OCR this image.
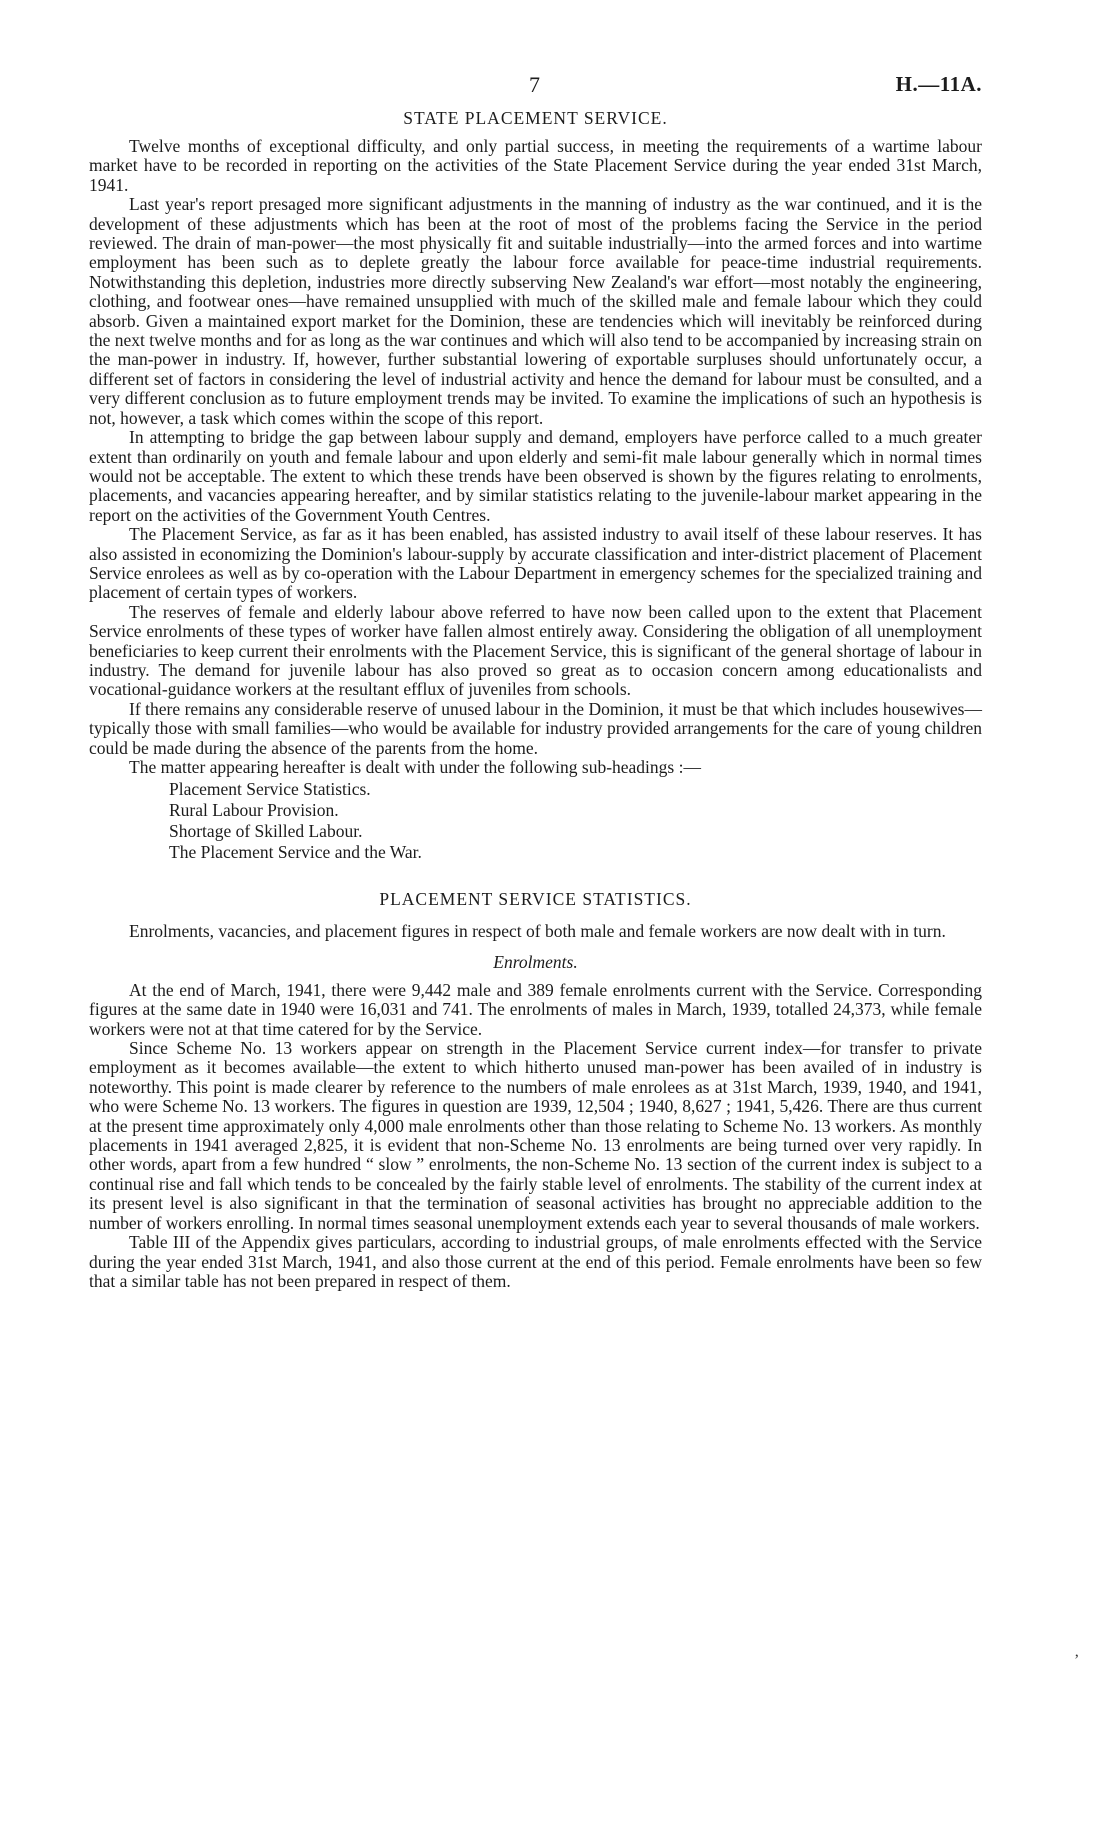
7	H.—11A.
STATE PLACEMENT SERVICE.

Twelve months of exceptional difficulty, and only partial success, in meeting the requirements of a wartime labour market have to be recorded in reporting on the activities of the State Placement Service during the year ended 31st March, 1941.

Last year's report presaged more significant adjustments in the manning of industry as the war continued, and it is the development of these adjustments which has been at the root of most of the problems facing the Service in the period reviewed. The drain of man-power—the most physically fit and suitable industrially—into the armed forces and into wartime employment has been such as to deplete greatly the labour force available for peace-time industrial requirements. Notwithstanding this depletion, industries more directly subserving New Zealand's war effort—most notably the engineering, clothing, and footwear ones—have remained unsupplied with much of the skilled male and female labour which they could absorb. Given a maintained export market for the Dominion, these are tendencies which will inevitably be reinforced during the next twelve months and for as long as the war continues and which will also tend to be accompanied by increasing strain on the man-power in industry. If, however, further substantial lowering of exportable surpluses should unfortunately occur, a different set of factors in considering the level of industrial activity and hence the demand for labour must be consulted, and a very different conclusion as to future employment trends may be invited. To examine the implications of such an hypothesis is not, however, a task which comes within the scope of this report.

In attempting to bridge the gap between labour supply and demand, employers have perforce called to a much greater extent than ordinarily on youth and female labour and upon elderly and semi-fit male labour generally which in normal times would not be acceptable. The extent to which these trends have been observed is shown by the figures relating to enrolments, placements, and vacancies appearing hereafter, and by similar statistics relating to the juvenile-labour market appearing in the report on the activities of the Government Youth Centres.

The Placement Service, as far as it has been enabled, has assisted industry to avail itself of these labour reserves. It has also assisted in economizing the Dominion's labour-supply by accurate classification and inter-district placement of Placement Service enrolees as well as by co-operation with the Labour Department in emergency schemes for the specialized training and placement of certain types of workers.

The reserves of female and elderly labour above referred to have now been called upon to the extent that Placement Service enrolments of these types of worker have fallen almost entirely away. Considering the obligation of all unemployment beneficiaries to keep current their enrolments with the Placement Service, this is significant of the general shortage of labour in industry. The demand for juvenile labour has also proved so great as to occasion concern among educationalists and vocational-guidance workers at the resultant efflux of juveniles from schools.

If there remains any considerable reserve of unused labour in the Dominion, it must be that which includes housewives—typically those with small families—who would be available for industry provided arrangements for the care of young children could be made during the absence of the parents from the home.

The matter appearing hereafter is dealt with under the following sub-headings :—

Placement Service Statistics.
Rural Labour Provision.
Shortage of Skilled Labour.
The Placement Service and the War.
PLACEMENT SERVICE STATISTICS.

Enrolments, vacancies, and placement figures in respect of both male and female workers are now dealt with in turn.

Enrolments.

At the end of March, 1941, there were 9,442 male and 389 female enrolments current with the Service. Corresponding figures at the same date in 1940 were 16,031 and 741. The enrolments of males in March, 1939, totalled 24,373, while female workers were not at that time catered for by the Service.

Since Scheme No. 13 workers appear on strength in the Placement Service current index—for transfer to private employment as it becomes available—the extent to which hitherto unused man-power has been availed of in industry is noteworthy. This point is made clearer by reference to the numbers of male enrolees as at 31st March, 1939, 1940, and 1941, who were Scheme No. 13 workers. The figures in question are 1939, 12,504 ; 1940, 8,627 ; 1941, 5,426. There are thus current at the present time approximately only 4,000 male enrolments other than those relating to Scheme No. 13 workers. As monthly placements in 1941 averaged 2,825, it is evident that non-Scheme No. 13 enrolments are being turned over very rapidly. In other words, apart from a few hundred “ slow ” enrolments, the non-Scheme No. 13 section of the current index is subject to a continual rise and fall which tends to be concealed by the fairly stable level of enrolments. The stability of the current index at its present level is also significant in that the termination of seasonal activities has brought no appreciable addition to the number of workers enrolling. In normal times seasonal unemployment extends each year to several thousands of male workers.

Table III of the Appendix gives particulars, according to industrial groups, of male enrolments effected with the Service during the year ended 31st March, 1941, and also those current at the end of this period. Female enrolments have been so few that a similar table has not been prepared in respect of them.

’
